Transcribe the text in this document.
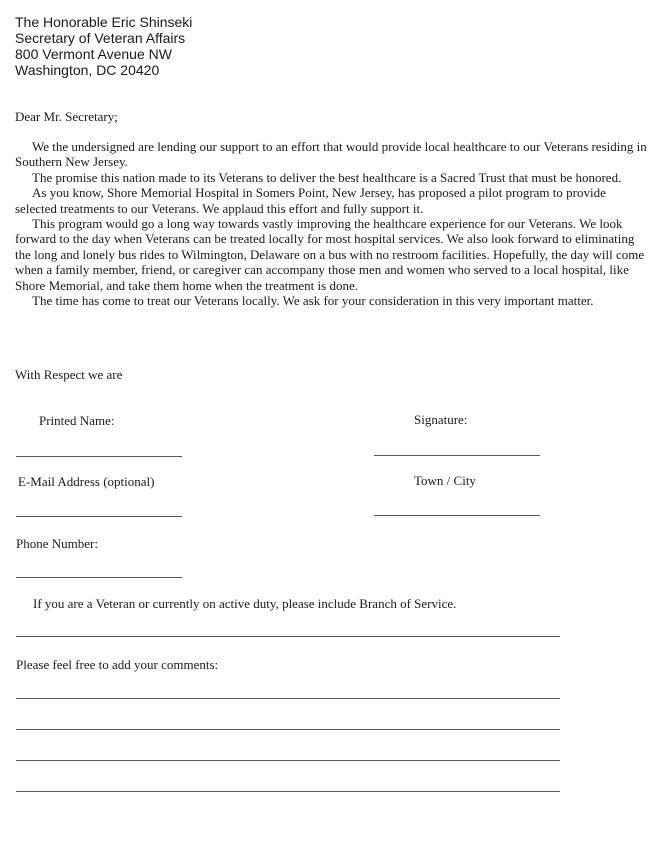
The Honorable Eric Shinseki
Secretary of Veteran Affairs
800 Vermont Avenue NW
Washington, DC 20420
Dear Mr. Secretary;

We the undersigned are lending our support to an effort that would provide local healthcare to our Veterans residing in Southern New Jersey.

The promise this nation made to its Veterans to deliver the best healthcare is a Sacred Trust that must be honored.

As you know, Shore Memorial Hospital in Somers Point, New Jersey, has proposed a pilot program to provide selected treatments to our Veterans. We applaud this effort and fully support it.

This program would go a long way towards vastly improving the healthcare experience for our Veterans. We look forward to the day when Veterans can be treated locally for most hospital services. We also look forward to eliminating the long and lonely bus rides to Wilmington, Delaware on a bus with no restroom facilities. Hopefully, the day will come when a family member, friend, or caregiver can accompany those men and women who served to a local hospital, like Shore Memorial, and take them home when the treatment is done.

The time has come to treat our Veterans locally. We ask for your consideration in this very important matter.

With Respect we are
Printed Name:	Signature:
E-Mail Address (optional)	Town / City
Phone Number:
If you are a Veteran or currently on active duty, please include Branch of Service.
Please feel free to add your comments:
